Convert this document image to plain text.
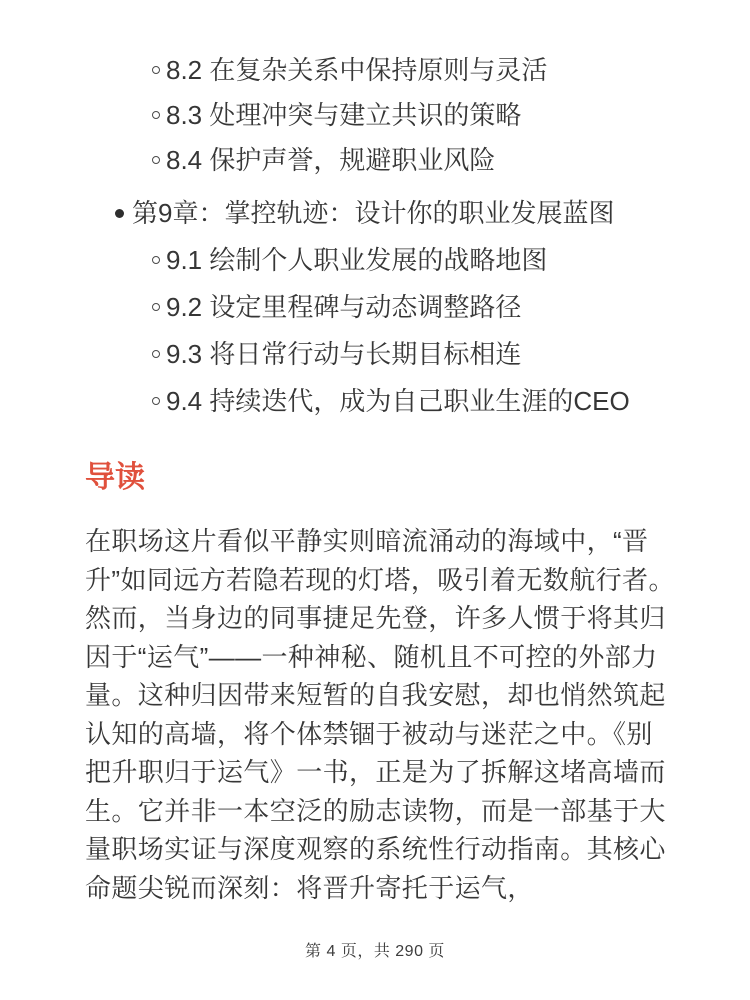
8.2 在复杂关系中保持原则与灵活
8.3 处理冲突与建立共识的策略
8.4 保护声誉，规避职业风险
第9章：掌控轨迹：设计你的职业发展蓝图
9.1 绘制个人职业发展的战略地图
9.2 设定里程碑与动态调整路径
9.3 将日常行动与长期目标相连
9.4 持续迭代，成为自己职业生涯的CEO
导读

在职场这片看似平静实则暗流涌动的海域中，“晋升”如同远方若隐若现的灯塔，吸引着无数航行者。然而，当身边的同事捷足先登，许多人惯于将其归因于“运气”——一种神秘、随机且不可控的外部力量。这种归因带来短暂的自我安慰，却也悄然筑起认知的高墙，将个体禁锢于被动与迷茫之中。《别把升职归于运气》一书，正是为了拆解这堵高墙而生。它并非一本空泛的励志读物，而是一部基于大量职场实证与深度观察的系统性行动指南。其核心命题尖锐而深刻：将晋升寄托于运气，

第 4 页，共 290 页
